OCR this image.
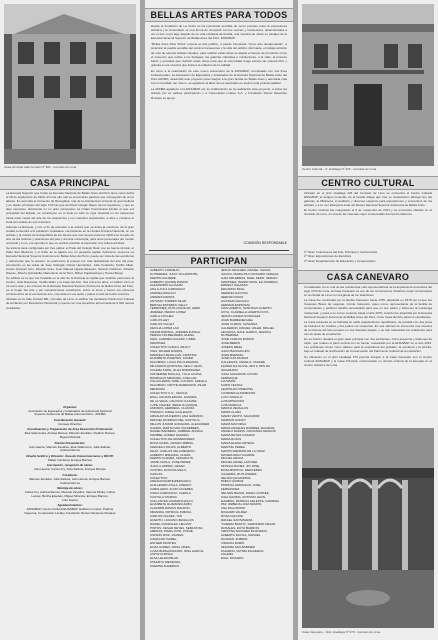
Casa principal calle Ancash Nº 681 - Cercado de Lima
CASA PRINCIPAL

La Escuela Superior que funda La Escuela Nacional de Bellas Artes del Perú tiene como fecha el 28 de septiembre de 1918, al tomó ello rual se encuentran galerías que conseguían de cinco altares. En acumpla el Convento de Recogidas, una de la Arquitectura virreinal de gran belleza y es desde principios del siglo XVII las que del Real Colegio Mayor de los Agustinos, y que se dejó extensivo, abrazando en su gran concepción La Orden Franciscana fundan el que era propiedad del Estado, se constituyen en el local en todo su rigor claustral en los aposentos hasta estar casas del arte de los arquitectos y los maestros propietarios, a abre y contiene el local acumulado de sus recientes.

Ademas La Escuela, y con el fin de extender a la cultura que ya antes la convierte, de la gran ciudad contendrá a la población ciudadana, centrándose en la Unidad Artística Nacional, en los artistas y la cultura de la República de los bienes que sus nuevos para los 1918 sino la sede de arte de las culturas y posiciones del país y del arte contempla, para otros personajes del mundo universal y lo es, por ejemplo lo que es estricto posición la expresión a la cultura artística.

Se trata la casa configurada por tres patios: el Patio del Colegio Real, con su fuente circular, el Patio San Ildefonso y el Patio de la Iglesia con su pequeña capilla. Asimismo, tenemos La Escuela Nacional Superior Autónoma de Bellas Artes del Perú, puede ser vista de las esculturas y referencias que la poseen; su patrimonio la poseen los más destacados del arte del país, asumiendo en las aulas de Jose Sabogal, Daniel Hernández, Julia Codesido, Teófilo Allain, Carlos Quízpez Asín, Ricardo Grau, Juan Manuel Ugarte Eléspuru, Sérvulo Gutiérrez, Ricardo Wiesse, Alberto Quintanilla, Macedonio de la Torre, Milner Cajahuaringa y Teresa Burga.

Su edificio es la que fue fundada en el año de la Escuela la capilla que también pertenece al Centro, Julia Navarrete, Teófilo Allain y la Casa del Arte. Sus primeros años, el edificio tomó el rol como arte y los mismos de la Escuela Nacional Superior Autónoma de Bellas Artes del Perú, es el hogar del arte y así sucesivamente enseñanza, sobre el tema y fueron los primeros ochenta años de la escuela de arte, conocida en sus aulas y patios el arte de todos nosotros.

Ubicado en la calle Áncash 681, Cercado de Lima, el edificio fue declarado Patrimonio Cultural de la Nación por Resolución Directoral y cuenta con una superficie aproximada de 5 000 metros cuadrados.

Organiza:
Asociación de Egresados y Graduados de la Escuela Nacional
Superior Autónoma de Bellas Artes del Perú - ADNBA
Coordinación General:
Consejo Directivo
Coordinación y Preparación de Área Desarrollo Profesional:
Elsa Valenzuela, Andrea Ramos, Marcelo Zevallos, Vladimir Ramos,
Miguel Miranda
Diseño Presentación:
Iván Huerta, Marcelo Zevallos, Elsa Valdemoro, Julia Salinas,
Andrea Ramos
Diseño Gráfico y Difusión: Área de Comunicaciones y RR.PP.
Walter Cardenal, Enrique Barreto
Inscripción, recepción de obras:
Iván Huerta, Carlos Fry, Julia Salinas, Enrique Barreto
Curaduría:
Marcelo Zevallos, Julia Salinas, Iván Huerta, Enrique Barreto,
Andrea Ramos
Montaje de obras:
Carlos Fry, Andrea Ramos, Marcelo Zevallos, Samuel Pinilla, Carlos
Lamas, Bertha Esteban, Miguel Miranda, Enrique Barreto,
Iván Huerta
Agradecimientos:
ENSABAP, Centro Cultural ENSABAP, Guillermo Cortés, Patricia
Figueroa, Corporación Lindley, Fundación Rentei Navarrete Rosique
BELLAS ARTES PARA TODOS

Desde la fundación de La Unión se ha mantenido sensible de servir puentes entre la expresiones artística y la comunidad, es una forma de compartir con los vecinos y transeúntes, alcanzándoles a ver el arte como algo alejado de su vida cotidiana de familia, una muestra de obras en pasajes de la Escuela Nacional Superior de Bellas Artes del Perú, ENSABAP.

"Bellas Artes Para Todos" expone el arte público, a piezas interpretar "como arte desapropiado", a sintetizar al pueblo sensible del camino transeúntes y la vida del público informado, el trabajo artístico de más de setenta artistas visuales, para realizar estas obras se alquilo el tiempo de formación como el comercio que recibe a los bodegas, las galerías culturales e instituciones, a la calle, al proceso barrio y escuelas que realizan estas obras para que la comunidad tenga acceso de manera libre y gratuita a una muestra que invita a la reflexión de la calidad.

En torno a la celebración de este nuevo aniversario de la ENSABAP, completado con sus fines institucionales, La Asociación de Egresados y Graduados de la Escuela Nacional de Bellas Artes del Perú ADNBA, desarrolló este proyecto para integrar a la gran familia de Bellas Artes y acercarla más a la comunidad, así mismo, se agradece la labor de los asociados en asumir esta profesionalidad.

La ADNBA agradece a la ENSABAP por su colaboración en la realización este proyecto, a todos los artistas por su valiosa participación y a Corporación Lindley S.A. y Fundación Rentei Navarrete Rosique su apoyo.

COMISIÓN RESPONSABLE
PARTICIPAN
ALBERTO CORNEJO
GUTIÉRREZ, JULIO VILLAMONTE,
MARTÍN AGUIRRE
ALBERTO QUISPE RAMOS
ALEJANDRO ALCAZAR
ANA LUCILA CARRASCO
ANDREA ANGULO
ANDRES RAMOS
ANTONIO TORRES SILAR
BERTHA ESTEBAN, KELLY
TERRONES, RUTH AGUILAR, HEIDI
JIMÉNEZ, PEDRO LÓPEZ
CARLA COCHEA
CARLOS HEY
CARLOS VALLET
CECILIA LÓPEZ LAO
CÉSAR ESPINAL, ANDRÉS ZÚÑIGA,
PERSIA COLMENARES, ELENA
MAIZ, CARMEN DULZAR, LISBIA
MARTINEZ
COLECTIVO CHIQUI, ARACY
VIDA, WILDER RAMOS,
MARCELO ZEVALLOS, CRISTINA
ELIZABETH PUERTAS, JAVIER
PALOMINO, LUCÍA PIA CHAVANZA,
MILAGROS QUINTANA, NELLY LEON,
ZULEMA TAIPE, OLGA RODRIGUEZ,
KATHERINE RUGULA, YULLI ACUÑA,
BONIFACIO MIRANDA, CUELLAR
VILLACHAMÍN, NOEL LUCADO, SHEILLA
PALOMINO, IVETTE MARENSON, PILAR
MENDOZA
COLECTIVO C.C., CECILIA
ESAJ, AGUSTA ERAZO, JHADIRA
DE LA VEGA, CALIXCIO CAJJARI,
LUPE CHAVEZ, ZEDALIA QUIQUE,
AMOROS, HERRERA, CLAUDIA
PINASCO, KIRIEL GALLEGOS,
ARNALDO RUCERON, ANA GARRIDO,
MANUEL RODRIGO DEL CASTILLO,
MILLON JUNIOR GONGORA, ALEXANDER
GANMA, MARTA IVAN VALDEBEES,
DANIEL BARREDA, GABRIEL ZUÑIGA,
MARIBEL GÓMEZ HUAMÁN
COLECTIVO DE GRABADORES
ROSA GINDA, CESAR URBINA,
MARCELO ROJAS, ALBERTO
MAJO, CARLOS VELA RENDON,
ALBERTO MIRANDA, CHAPA,
MARTIN CHAVEZ, CESARCUTI,
JAIME CIVALA, JOSE PEREZ,
JUAN LLAMPER, CESAR
CASTRO, DONI PAJUELO,
CANCAS
COLECTIVO
CREACIONARTE(PERUANO):
GUILLERMO AYALA, FREDDY
CABALLERO, FLOR CACERES
IVOHA CARRASCO, CAROLA
CASTILLO MARISA
COLLANTES HUAMANCHUCO,
ELIZABETH HUAMANCHUMO,
VLADIMIR RAMOS MALDON,
MIRANDA, PATRICIA JUBASA,
CARLOS VALDEZ, YAN
HUERTO, LUCIANO ZEVALLOS
DANIEL GONZÁLEZ, HELMUT
PINTOS, CESAR REYES, SEBASTIAN
ARENAS, PAVEL CUSI, JOSUE,
OSORIO RUIZ, JUANES
CAMACHO ISABEL
ESTHER MONTES
ELIZA GÓMEZ, ROSA VIDES,
LUISA BURGATADORO, NINA GARCIA,
CINTHYA MOGA
ELSA HALEKUBLAN
ATEAMYU MENDOZA,
SOEMNA AUDERIAS
JÉSUS SÁNCHEZ, RAFAEL CHUÑÁ
CHOCA, MARIA PILO ROSARIO VARGAS,
GAIA ORLEBRAS, MAEL PERÓ, SERGIO
MARTINEZ, INGRID MATA, ELI MORENO,
ERNEST SALAZAR
EDUARDO MOLL
HERÉNIA GAYOSO
HERNÁN RIVAS
HUASSAN ANGULO
HERMAN ESPINOZA
IVAN HUERTO, SANTIAGO HUERTO
KOYA, CLARIELLA HUERTA KOYA
JESÚS LOZADA GONZÁLEZ
JOHN BARRENECHEA
JOHN CLIMAS, SUSANNA
CALDERÓN, RAFAEL VALER, MIGUEL
LECHUGA, RAÚL GARRO, JESSICA
GUTIÉRREZ
JOSÉ CARLOS RAMOS
JOSE BEBOS
JOSEPH MEZA
JULIO BACIGALUPO
JOHN BUENDÍA
JOSÉ LUIS MUÑOZ
GALLEGOS, ANGELO, VASARÉ
FILIDES DA OLIVIA, IRIS F, IRIS DA
SACARADO
JULIA SALVADOR, KAYAM
FERNAQUE
LIA MARÍA
KARIN TEJADA
LEOPOLDO PIMENTEL
LOURDES ALTAMIRANO
LUCY ANGULO
LUIS MOSCOSO
LUIS MARUCA
MARCO ZEVALLOS
MARIA CLARA
MARIO VENTO, SALVADOR
SHIRWIN GODOY
MARIA MAYORGA
MARÍA ANGELES RAMÍREZ, EUGENIA
ANGELA RAMOS, GIOVANNA GRADOS
MARIA REYES CASADO
MARIA ROJAS
MARIA ELENA ORTECH
MARITZA PEREA
MARTIN RENDÓN DE LA CRUZ
MAYERLINGO GUARDE
MIGUEL ARANA
MIGUEL ANGEL LAFONEL
MÓNICA MUÑEZ, JIN JOSÉ,
ROSA BORTOLI, MERCEDES
CACERES, RUTH PÉREZ,
NÉLIDA QUIJANDRIA
PABLO QUIROZ
PATRICIA GRIMALDO, JOSÉ
FERNANDEZ
NELSON BAZÁN, DIEGO CORTEZ,
KIGA GAVIDIA, ANTONIO LEON,
GAMBOA, PATRICIA CELESTE, CARMINA
PAZ, REBECA LUNA RAMOS,
ANA PALLOMINO
RICHARD VALDEZ
ROSA FALCONÍ
RAFAEL SANTAMARÍA
"FUERZA BASTÓ", GERÓNIMO CESAR
ROSALES, RUTH BARRÓN,
CRISTINA SANCHEZ BAJKARDO,
ALBERTO DÁVILA, MANUEL
HUAMÁN, ZUBIRIA
VIRGINIA RUBIO
ZELMIRA SAN BABIDER
FAJARDO, FATIMA FIGUEROA
ZULEMA
RAÚL ROSARIO
Centro Cultural - Jr. Huallaga Nº 426 - Cercado de Lima
CENTRO CULTURAL

Ubicado en el jirón Huallaga 426 del Cercado de Lima se encuentra el Centro Cultural ENSABAP, el antiguo inmueble de la familia Aliaga que tras su restauración alberga hoy las galerías, la biblioteca, el auditorio y diversos espacios para exposiciones y encuentros de los artistas, y a su vez alberga la sede del Museo Nacional Superior Autónoma de Bellas Artes.

El Centro Cultural fue inaugurado el 6 de noviembre de 2014 y se encuentra ubicado en el Cercado de Lima, en una de las casonas mejor conservadas del Centro Histórico.

1º Nivel: Colecciones del Arte, Principal y Conferencias
2º Nivel: Exposiciones de Escultura
3º Nivel: Departamento de Educación y Conservación
CASA CANEVARO

Considerado como una de las residencias más representativas de la arquitectura doméstica del siglo XVIII de Lima, la Casa Canevaro es uno de los monumentos históricos mejor conservados en la ciudad de Lima con la Iglesia de los Huérfanos.

La Casa fue construida por la familia Canevaro hacia 1755, adquirida en 1878 por el que fue Canevaro Bravo de Lagunas, Conde Canevaro, quien como representante de la familia de comerciantes y políticos decidió remodelarla para que en sus patios y balcones la mantenga restaurada, y pasa a un nuevo conjunto hasta el año 1979, cuando fue adquirida por la Escuela Nacional Superior Autónoma de Bellas Artes del Perú, como Casa del Arte para los estudiantes.

La Casa presenta en su fachada un estilo arquitectónico republicano, de portada con dos pisos de balcones de madera y dos patios con arquerías. En sus salones se encuentra una muestra de la historia del arte peruano en sus diversas etapas, y se han restaurado los ambientes para uso de aulas de enseñanza.

En su interior destaca el gran patio principal con dos ambientes, cinco arquerías y balcones de cajón, que rodean el patio central con su fuente, restaurado por la ENSABAP en el año 2015. Los ambientes sirven como talleres para la enseñanza del grabado, la escultura y la pintura, bajo el cuidado de la Dirección de Conservación del Patrimonio Cultural de la institución.

Su ubicación en el jirón Huallaga 370 permite integrar a la Casa Canevaro con el Centro Cultural ENSABAP y la Casa Principal, conformando un circuito cultural de la Escuela en el Centro Histórico de Lima.

Casa Canevaro - Jirón Huallaga Nº 370 - Cercado de Lima
